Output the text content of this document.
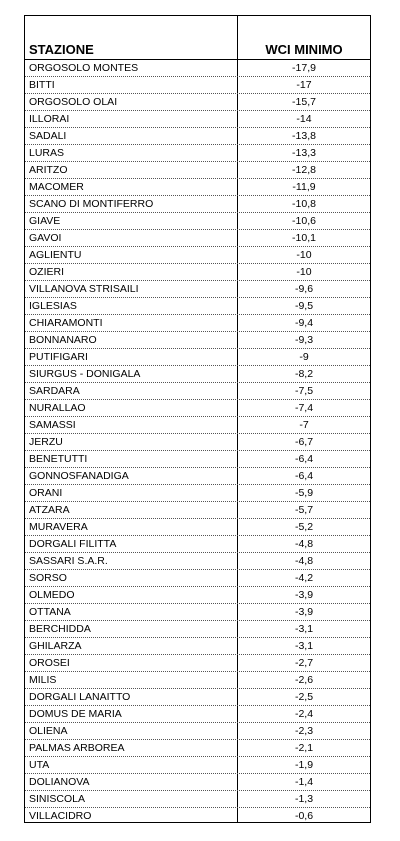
STAZIONE	WCI MINIMO
ORGOSOLO MONTES	-17,9
BITTI	-17
ORGOSOLO OLAI	-15,7
ILLORAI	-14
SADALI	-13,8
LURAS	-13,3
ARITZO	-12,8
MACOMER	-11,9
SCANO DI MONTIFERRO	-10,8
GIAVE	-10,6
GAVOI	-10,1
AGLIENTU	-10
OZIERI	-10
VILLANOVA STRISAILI	-9,6
IGLESIAS	-9,5
CHIARAMONTI	-9,4
BONNANARO	-9,3
PUTIFIGARI	-9
SIURGUS - DONIGALA	-8,2
SARDARA	-7,5
NURALLAO	-7,4
SAMASSI	-7
JERZU	-6,7
BENETUTTI	-6,4
GONNOSFANADIGA	-6,4
ORANI	-5,9
ATZARA	-5,7
MURAVERA	-5,2
DORGALI FILITTA	-4,8
SASSARI S.A.R.	-4,8
SORSO	-4,2
OLMEDO	-3,9
OTTANA	-3,9
BERCHIDDA	-3,1
GHILARZA	-3,1
OROSEI	-2,7
MILIS	-2,6
DORGALI LANAITTO	-2,5
DOMUS DE MARIA	-2,4
OLIENA	-2,3
PALMAS ARBOREA	-2,1
UTA	-1,9
DOLIANOVA	-1,4
SINISCOLA	-1,3
VILLACIDRO	-0,6
